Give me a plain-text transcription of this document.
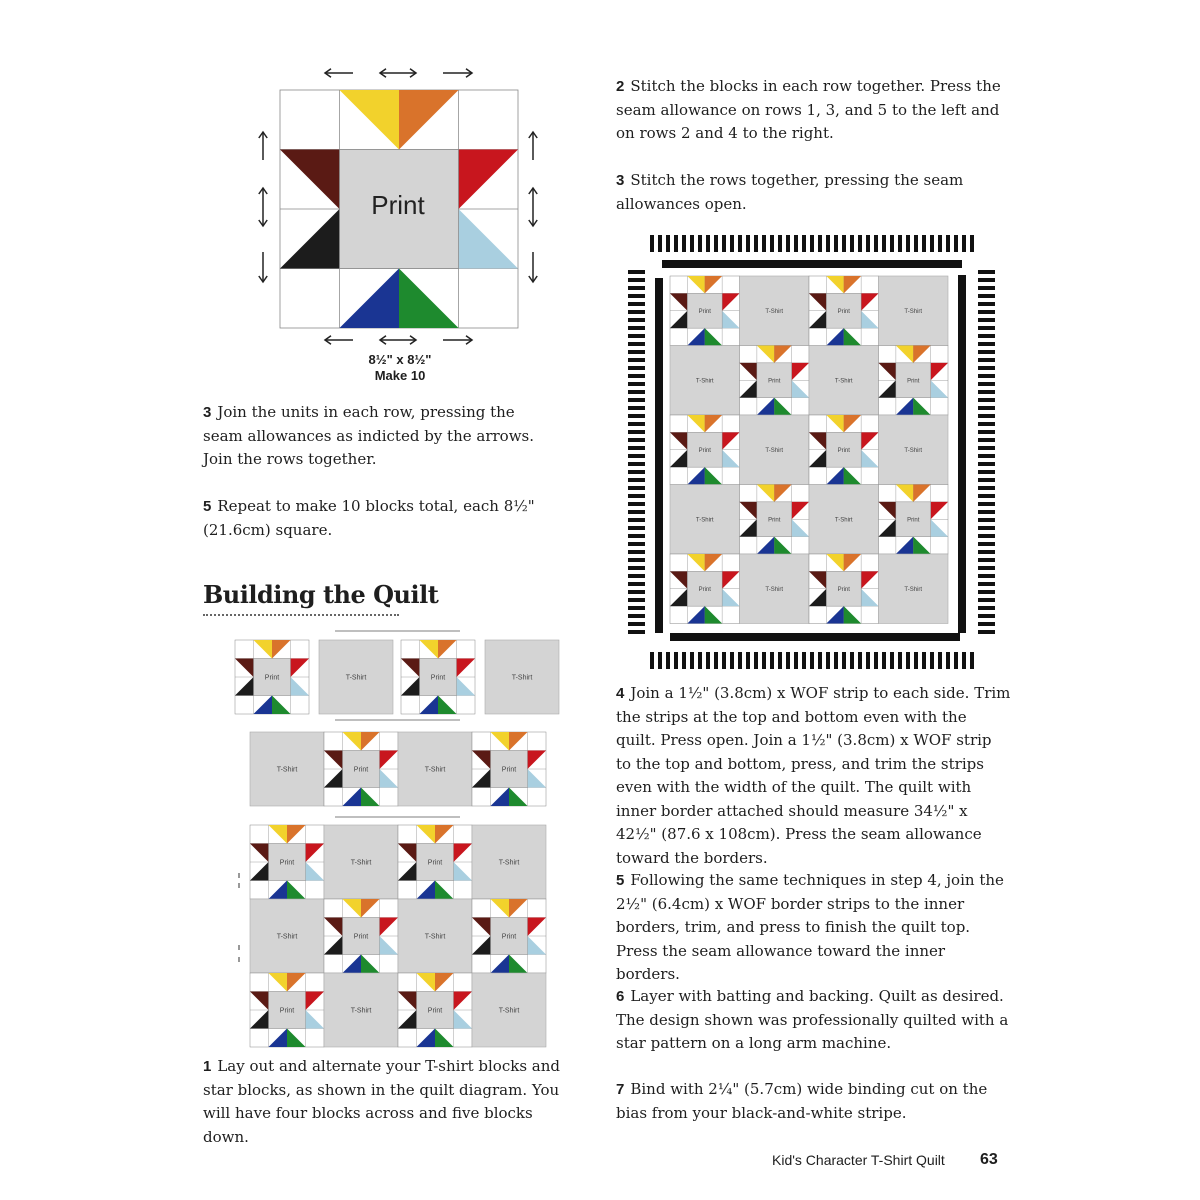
Print
8½" x 8½"
Make 10

3 Join the units in each row, pressing the seam allowances as indicted by the arrows. Join the rows together.

5 Repeat to make 10 blocks total, each 8½" (21.6cm) square.

Building the Quilt
Print	T-Shirt	Print	T-Shirt
T-Shirt	Print	T-Shirt	Print
Print	T-Shirt	Print	T-Shirt
T-Shirt	Print	T-Shirt	Print
Print	T-Shirt	Print	T-Shirt

1 Lay out and alternate your T-shirt blocks and star blocks, as shown in the quilt diagram. You will have four blocks across and five blocks down.

2 Stitch the blocks in each row together. Press the seam allowance on rows 1, 3, and 5 to the left and on rows 2 and 4 to the right.

3 Stitch the rows together, pressing the seam allowances open.

Print	T-Shirt	Print	T-Shirt
T-Shirt	Print	T-Shirt	Print
Print	T-Shirt	Print	T-Shirt
T-Shirt	Print	T-Shirt	Print
Print	T-Shirt	Print	T-Shirt

4 Join a 1½" (3.8cm) x WOF strip to each side. Trim the strips at the top and bottom even with the quilt. Press open. Join a 1½" (3.8cm) x WOF strip to the top and bottom, press, and trim the strips even with the width of the quilt. The quilt with inner border attached should measure 34½" x 42½" (87.6 x 108cm). Press the seam allowance toward the borders.

5 Following the same techniques in step 4, join the 2½" (6.4cm) x WOF border strips to the inner borders, trim, and press to finish the quilt top. Press the seam allowance toward the inner borders.

6 Layer with batting and backing. Quilt as desired. The design shown was professionally quilted with a star pattern on a long arm machine.

7 Bind with 2¼" (5.7cm) wide binding cut on the bias from your black-and-white stripe.

Kid's Character T-Shirt Quilt 63
